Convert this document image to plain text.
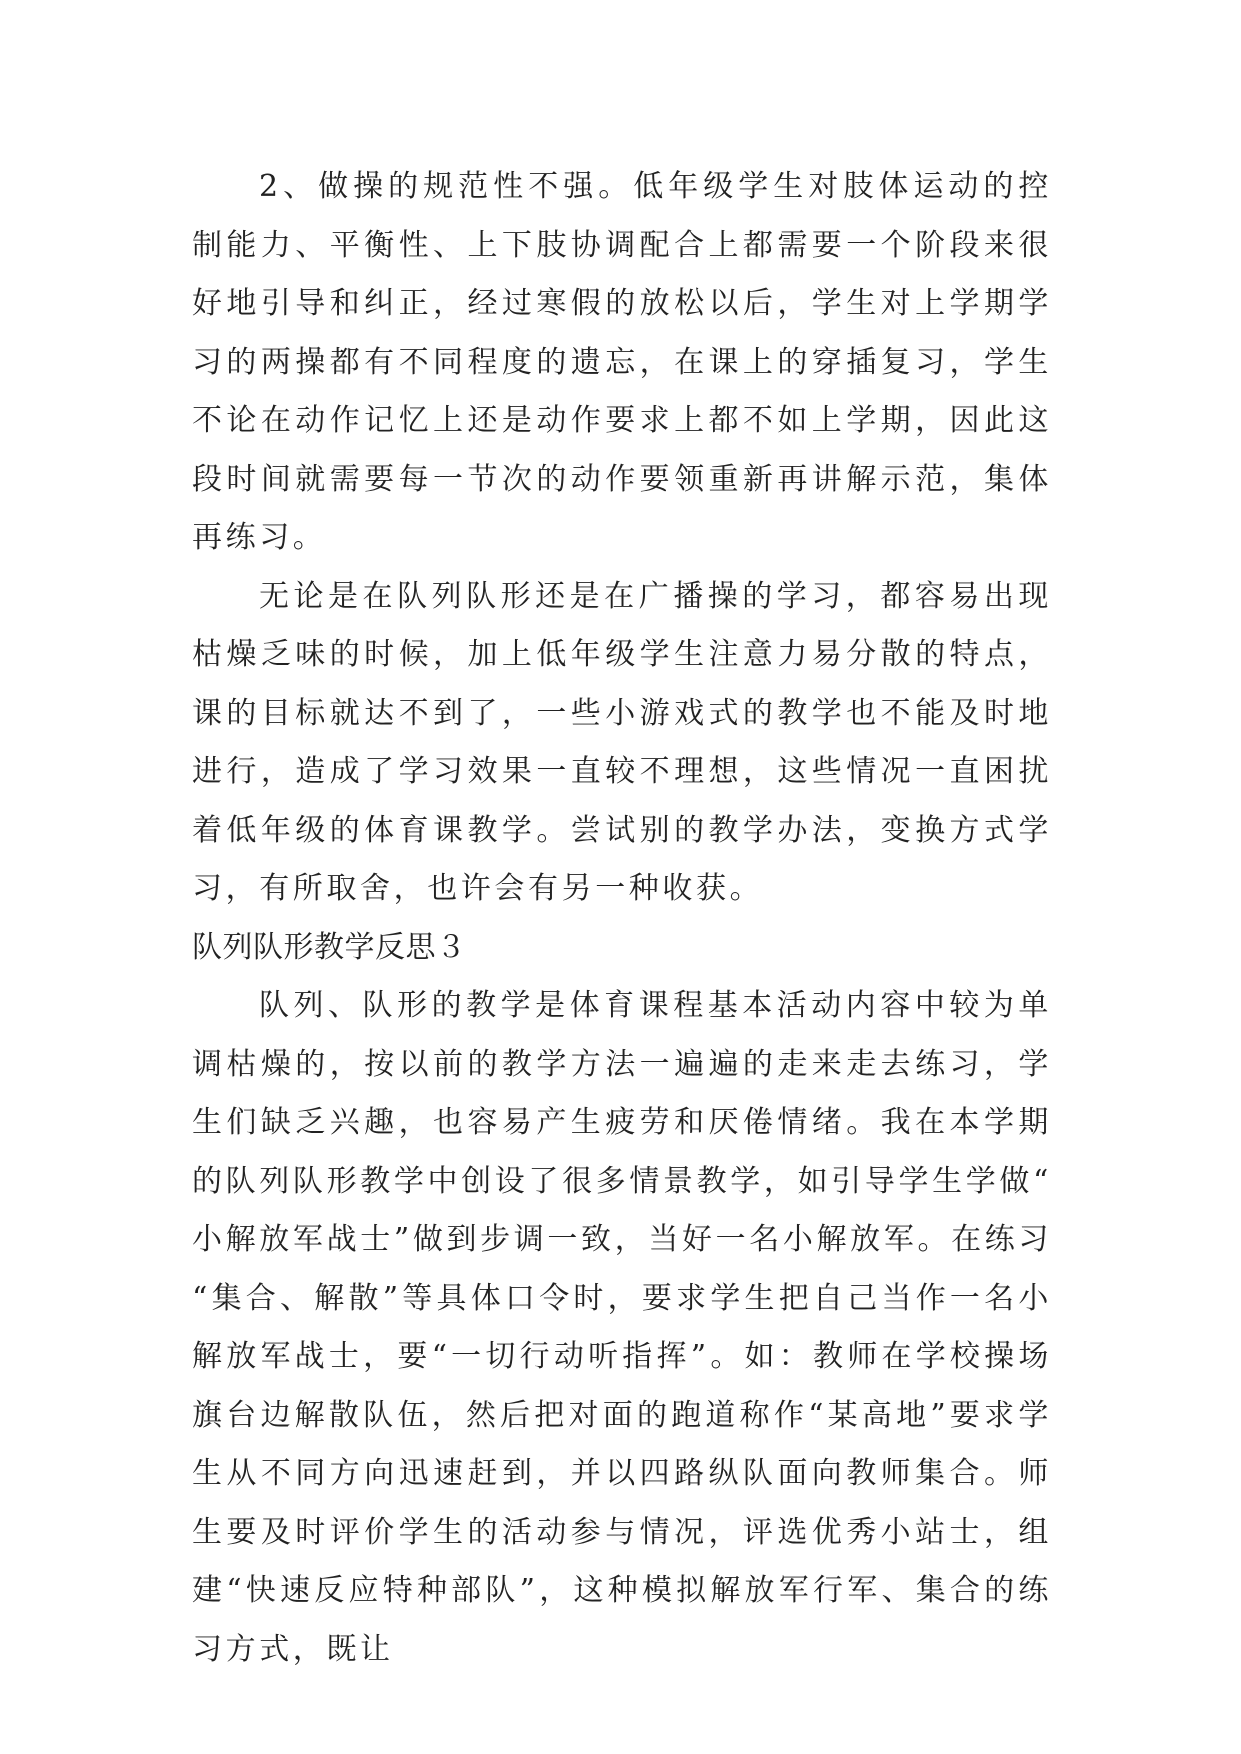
2、做操的规范性不强。低年级学生对肢体运动的控制能力、平衡性、上下肢协调配合上都需要一个阶段来很好地引导和纠正，经过寒假的放松以后，学生对上学期学习的两操都有不同程度的遗忘，在课上的穿插复习，学生不论在动作记忆上还是动作要求上都不如上学期，因此这段时间就需要每一节次的动作要领重新再讲解示范，集体再练习。

无论是在队列队形还是在广播操的学习，都容易出现枯燥乏味的时候，加上低年级学生注意力易分散的特点，课的目标就达不到了，一些小游戏式的教学也不能及时地进行，造成了学习效果一直较不理想，这些情况一直困扰着低年级的体育课教学。尝试别的教学办法，变换方式学习，有所取舍，也许会有另一种收获。

队列队形教学反思３

队列、队形的教学是体育课程基本活动内容中较为单调枯燥的，按以前的教学方法一遍遍的走来走去练习，学生们缺乏兴趣，也容易产生疲劳和厌倦情绪。我在本学期的队列队形教学中创设了很多情景教学，如引导学生学做“小解放军战士”做到步调一致，当好一名小解放军。在练习“集合、解散”等具体口令时，要求学生把自己当作一名小解放军战士，要“一切行动听指挥”。如：教师在学校操场旗台边解散队伍，然后把对面的跑道称作“某高地”要求学生从不同方向迅速赶到，并以四路纵队面向教师集合。师生要及时评价学生的活动参与情况，评选优秀小站士，组建“快速反应特种部队”，这种模拟解放军行军、集合的练习方式，既让
